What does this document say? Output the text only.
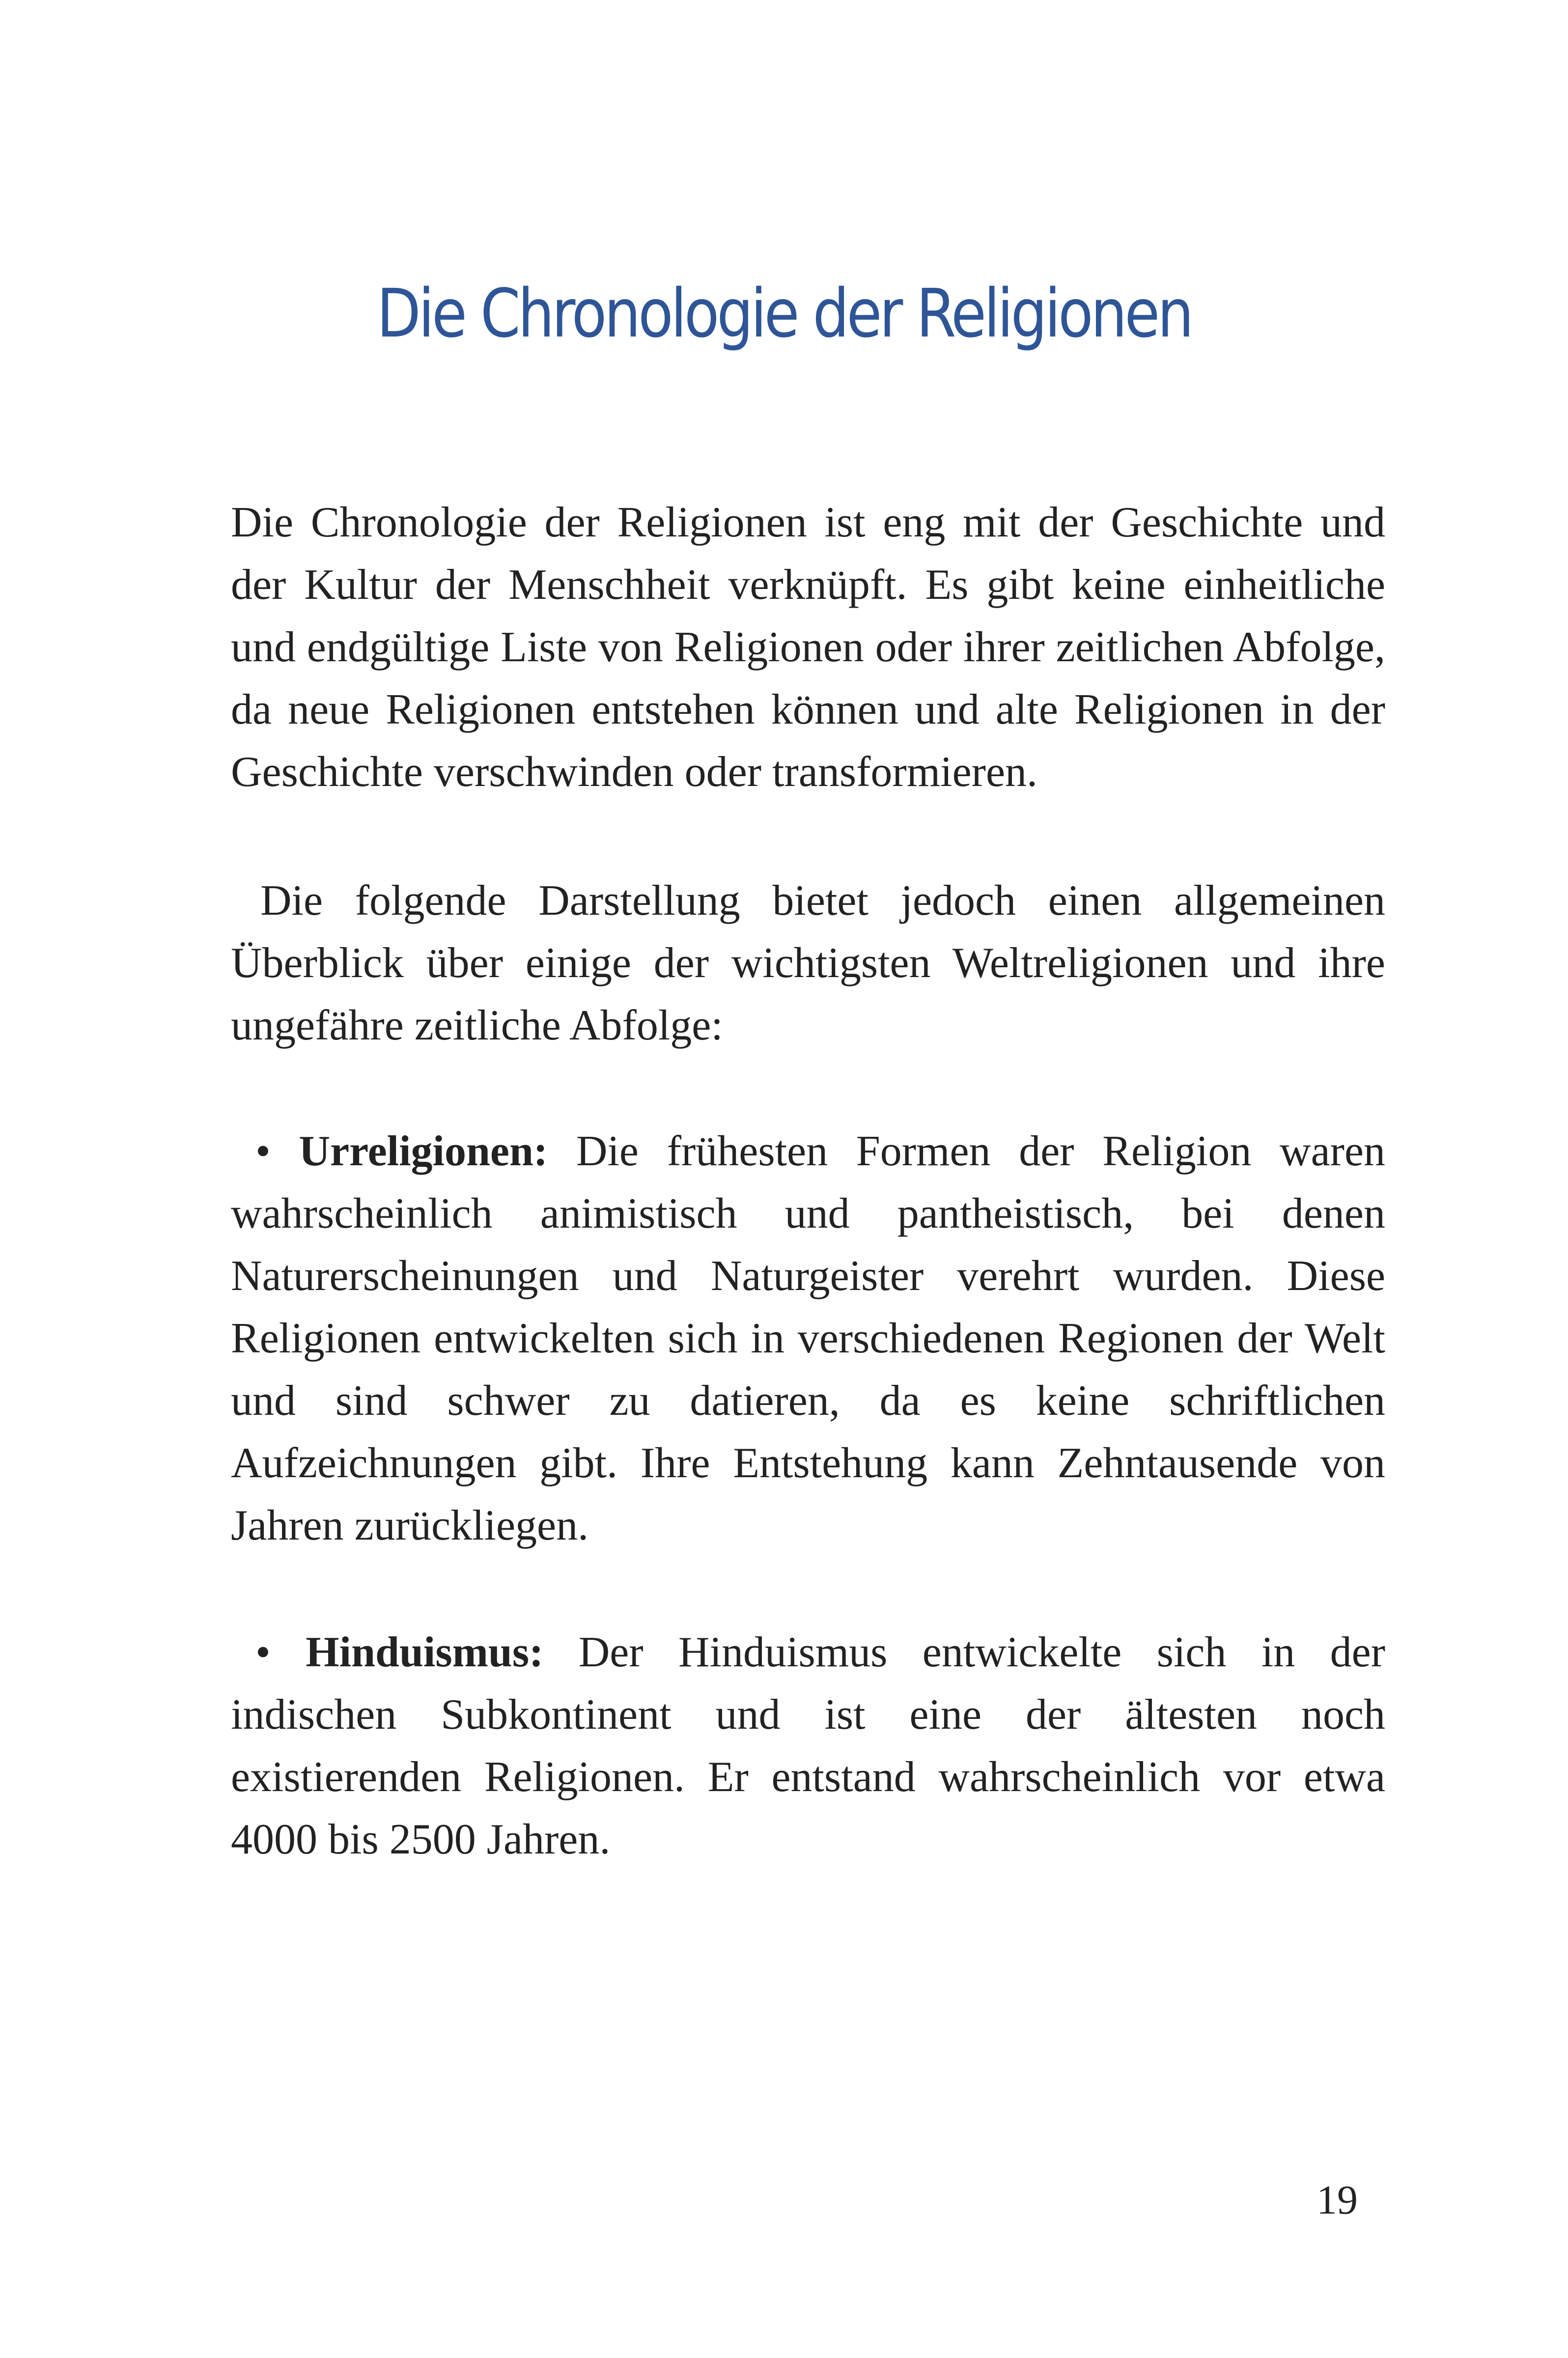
Die Chronologie der Religionen

Die Chronologie der Religionen ist eng mit der Geschichte und der Kultur der Menschheit verknüpft. Es gibt keine einheitliche und endgültige Liste von Religionen oder ihrer zeitlichen Abfolge, da neue Religionen entstehen können und alte Religionen in der Geschichte verschwinden oder transformieren.

Die folgende Darstellung bietet jedoch einen allgemeinen Überblick über einige der wichtigsten Weltreligionen und ihre ungefähre zeitliche Abfolge:

• Urreligionen: Die frühesten Formen der Religion waren wahrscheinlich animistisch und pantheistisch, bei denen Naturerscheinungen und Naturgeister verehrt wurden. Diese Religionen entwickelten sich in verschiedenen Regionen der Welt und sind schwer zu datieren, da es keine schriftlichen Aufzeichnungen gibt. Ihre Entstehung kann Zehntausende von Jahren zurückliegen.

• Hinduismus: Der Hinduismus entwickelte sich in der indischen Subkontinent und ist eine der ältesten noch existierenden Religionen. Er entstand wahrscheinlich vor etwa 4000 bis 2500 Jahren.

19
